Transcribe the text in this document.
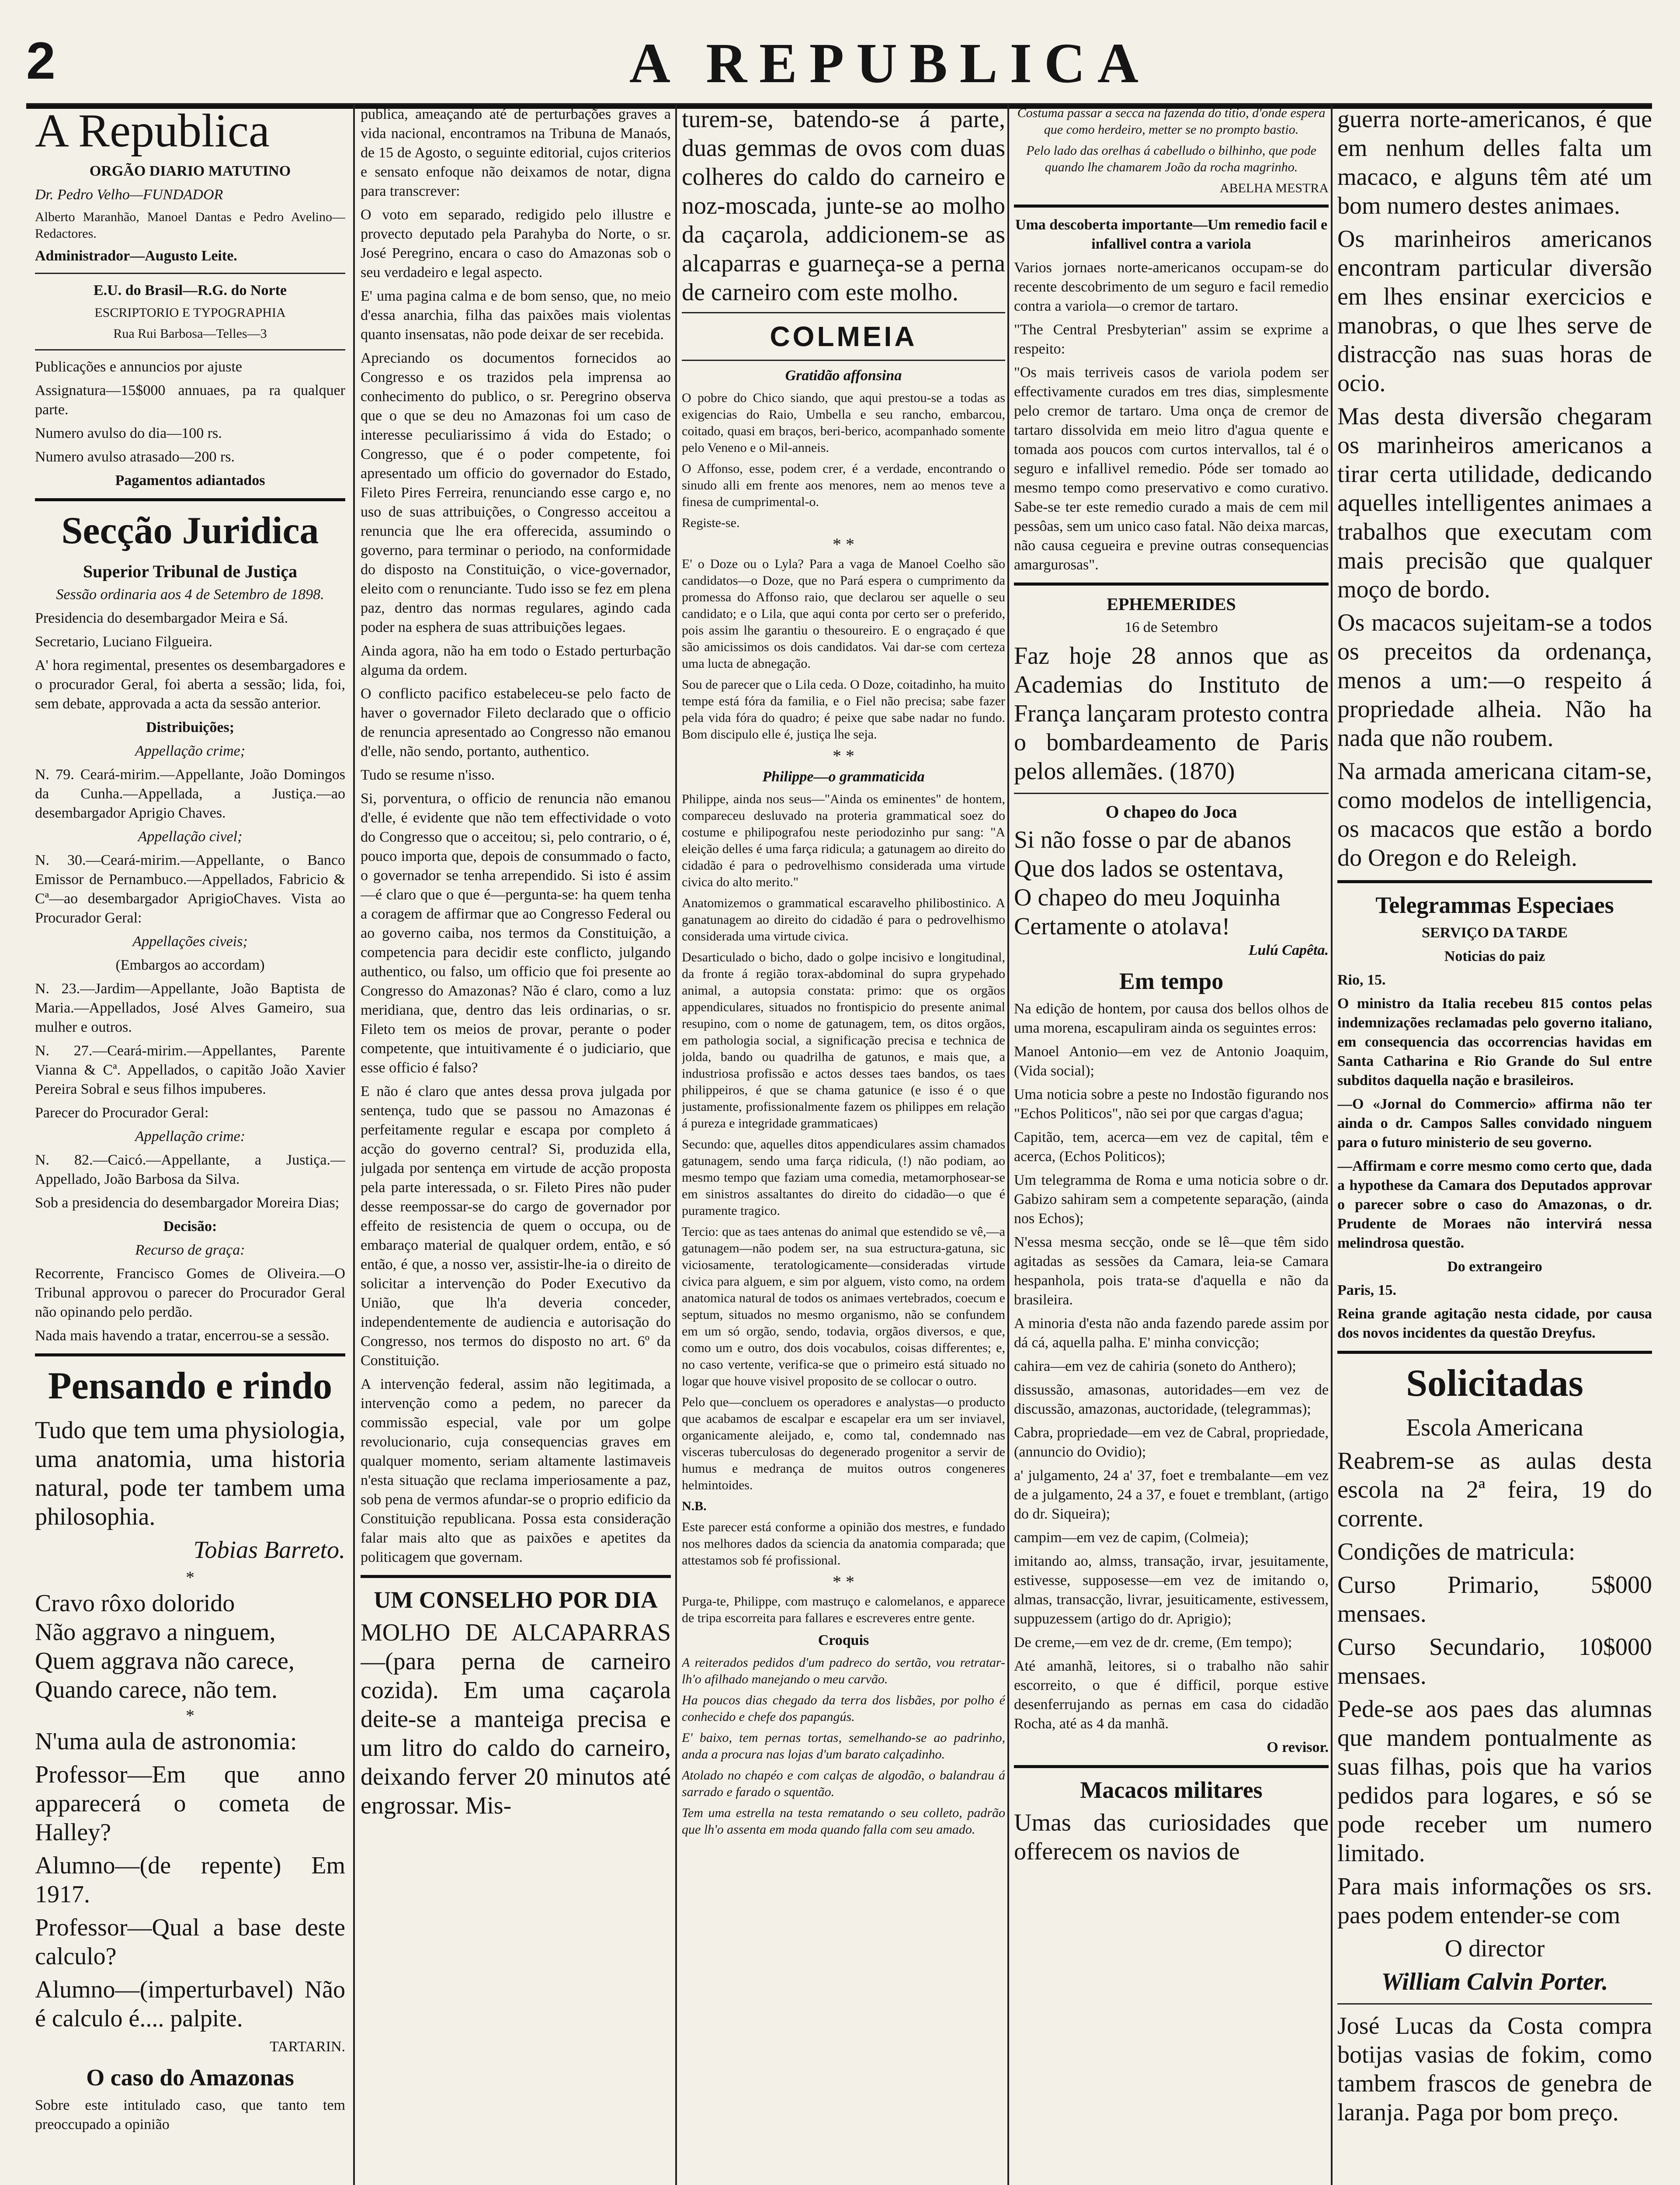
2	A REPUBLICA
A Republica

ORGÃO DIARIO MATUTINO

Dr. Pedro Velho—FUNDADOR

Alberto Maranhão, Manoel Dantas e Pedro Avelino—Redactores.

Administrador—Augusto Leite.

E.U. do Brasil—R.G. do Norte

ESCRIPTORIO E TYPOGRAPHIA

Rua Rui Barbosa—Telles—3

Publicações e annuncios por ajuste

Assignatura—15$000 annuaes, pa ra qualquer parte.

Numero avulso do dia—100 rs.

Numero avulso atrasado—200 rs.

Pagamentos adiantados

Secção Juridica
Superior Tribunal de Justiça

Sessão ordinaria aos 4 de Setembro de 1898.

Presidencia do desembargador Meira e Sá.

Secretario, Luciano Filgueira.

A' hora regimental, presentes os desembargadores e o procurador Geral, foi aberta a sessão; lida, foi, sem debate, approvada a acta da sessão anterior.

Distribuições;

Appellação crime;

N. 79. Ceará-mirim.—Appellante, João Domingos da Cunha.—Appellada, a Justiça.—ao desembargador Aprigio Chaves.

Appellação civel;

N. 30.—Ceará-mirim.—Appellante, o Banco Emissor de Pernambuco.—Appellados, Fabricio & Cª—ao desembargador AprigioChaves. Vista ao Procurador Geral:

Appellações civeis;

(Embargos ao accordam)

N. 23.—Jardim—Appellante, João Baptista de Maria.—Appellados, José Alves Gameiro, sua mulher e outros.

N. 27.—Ceará-mirim.—Appellantes, Parente Vianna & Cª. Appellados, o capitão João Xavier Pereira Sobral e seus filhos impuberes.

Parecer do Procurador Geral:

Appellação crime:

N. 82.—Caicó.—Appellante, a Justiça.—Appellado, João Barbosa da Silva.

Sob a presidencia do desembargador Moreira Dias;

Decisão:

Recurso de graça:

Recorrente, Francisco Gomes de Oliveira.—O Tribunal approvou o parecer do Procurador Geral não opinando pelo perdão.

Nada mais havendo a tratar, encerrou-se a sessão.

Pensando e rindo

Tudo que tem uma physiologia, uma anatomia, uma historia natural, pode ter tambem uma philosophia.

Tobias Barreto.

*
Cravo rôxo dolorido
Não aggravo a ninguem,
Quem aggrava não carece,
Quando carece, não tem.
*

N'uma aula de astronomia:

Professor—Em que anno apparecerá o cometa de Halley?

Alumno—(de repente) Em 1917.

Professor—Qual a base deste calculo?

Alumno—(imperturbavel) Não é calculo é.... palpite.

TARTARIN.

O caso do Amazonas

Sobre este intitulado caso, que tanto tem preoccupado a opinião

publica, ameaçando até de perturbações graves a vida nacional, encontramos na Tribuna de Manaós, de 15 de Agosto, o seguinte editorial, cujos criterios e sensato enfoque não deixamos de notar, digna para transcrever:

O voto em separado, redigido pelo illustre e provecto deputado pela Parahyba do Norte, o sr. José Peregrino, encara o caso do Amazonas sob o seu verdadeiro e legal aspecto.

E' uma pagina calma e de bom senso, que, no meio d'essa anarchia, filha das paixões mais violentas quanto insensatas, não pode deixar de ser recebida.

Apreciando os documentos fornecidos ao Congresso e os trazidos pela imprensa ao conhecimento do publico, o sr. Peregrino observa que o que se deu no Amazonas foi um caso de interesse peculiarissimo á vida do Estado; o Congresso, que é o poder competente, foi apresentado um officio do governador do Estado, Fileto Pires Ferreira, renunciando esse cargo e, no uso de suas attribuições, o Congresso acceitou a renuncia que lhe era offerecida, assumindo o governo, para terminar o periodo, na conformidade do disposto na Constituição, o vice-governador, eleito com o renunciante. Tudo isso se fez em plena paz, dentro das normas regulares, agindo cada poder na esphera de suas attribuições legaes.

Ainda agora, não ha em todo o Estado perturbação alguma da ordem.

O conflicto pacifico estabeleceu-se pelo facto de haver o governador Fileto declarado que o officio de renuncia apresentado ao Congresso não emanou d'elle, não sendo, portanto, authentico.

Tudo se resume n'isso.

Si, porventura, o officio de renuncia não emanou d'elle, é evidente que não tem effectividade o voto do Congresso que o acceitou; si, pelo contrario, o é, pouco importa que, depois de consummado o facto, o governador se tenha arrependido. Si isto é assim—é claro que o que é—pergunta-se: ha quem tenha a coragem de affirmar que ao Congresso Federal ou ao governo caiba, nos termos da Constituição, a competencia para decidir este conflicto, julgando authentico, ou falso, um officio que foi presente ao Congresso do Amazonas? Não é claro, como a luz meridiana, que, dentro das leis ordinarias, o sr. Fileto tem os meios de provar, perante o poder competente, que intuitivamente é o judiciario, que esse officio é falso?

E não é claro que antes dessa prova julgada por sentença, tudo que se passou no Amazonas é perfeitamente regular e escapa por completo á acção do governo central? Si, produzida ella, julgada por sentença em virtude de acção proposta pela parte interessada, o sr. Fileto Pires não puder desse reempossar-se do cargo de governador por effeito de resistencia de quem o occupa, ou de embaraço material de qualquer ordem, então, e só então, é que, a nosso ver, assistir-lhe-ia o direito de solicitar a intervenção do Poder Executivo da União, que lh'a deveria conceder, independentemente de audiencia e autorisação do Congresso, nos termos do disposto no art. 6º da Constituição.

A intervenção federal, assim não legitimada, a intervenção como a pedem, no parecer da commissão especial, vale por um golpe revolucionario, cuja consequencias graves em qualquer momento, seriam altamente lastimaveis n'esta situação que reclama imperiosamente a paz, sob pena de vermos afundar-se o proprio edificio da Constituição republicana. Possa esta consideração falar mais alto que as paixões e apetites da politicagem que governam.

UM CONSELHO POR DIA

MOLHO DE ALCAPARRAS—(para perna de carneiro cozida). Em uma caçarola deite-se a manteiga precisa e um litro do caldo do carneiro, deixando ferver 20 minutos até engrossar. Mis-

turem-se, batendo-se á parte, duas gemmas de ovos com duas colheres do caldo do carneiro e noz-moscada, junte-se ao molho da caçarola, addicionem-se as alcaparras e guarneça-se a perna de carneiro com este molho.

COLMEIA

Gratidão affonsina

O pobre do Chico siando, que aqui prestou-se a todas as exigencias do Raio, Umbella e seu rancho, embarcou, coitado, quasi em braços, beri-berico, acompanhado somente pelo Veneno e o Mil-anneis.

O Affonso, esse, podem crer, é a verdade, encontrando o sinudo alli em frente aos menores, nem ao menos teve a finesa de cumprimental-o.

Registe-se.

* *

E' o Doze ou o Lyla? Para a vaga de Manoel Coelho são candidatos—o Doze, que no Pará espera o cumprimento da promessa do Affonso raio, que declarou ser aquelle o seu candidato; e o Lila, que aqui conta por certo ser o preferido, pois assim lhe garantiu o thesoureiro. E o engraçado é que são amicissimos os dois candidatos. Vai dar-se com certeza uma lucta de abnegação.

Sou de parecer que o Lila ceda. O Doze, coitadinho, ha muito tempe está fóra da familia, e o Fiel não precisa; sabe fazer pela vida fóra do quadro; é peixe que sabe nadar no fundo. Bom discipulo elle é, justiça lhe seja.

* *

Philippe—o grammaticida

Philippe, ainda nos seus—"Ainda os eminentes" de hontem, compareceu desluvado na proteria grammatical soez do costume e philipografou neste periodozinho pur sang: "A eleição delles é uma farça ridicula; a gatunagem ao direito do cidadão é para o pedrovelhismo considerada uma virtude civica do alto merito."

Anatomizemos o grammatical escaravelho philibostinico. A ganatunagem ao direito do cidadão é para o pedrovelhismo considerada uma virtude civica.

Desarticulado o bicho, dado o golpe incisivo e longitudinal, da fronte á região torax-abdominal do supra grypehado animal, a autopsia constata: primo: que os orgãos appendiculares, situados no frontispicio do presente animal resupino, com o nome de gatunagem, tem, os ditos orgãos, em pathologia social, a significação precisa e technica de jolda, bando ou quadrilha de gatunos, e mais que, a industriosa profissão e actos desses taes bandos, os taes philippeiros, é que se chama gatunice (e isso é o que justamente, profissionalmente fazem os philippes em relação á pureza e integridade grammaticaes)

Secundo: que, aquelles ditos appendiculares assim chamados gatunagem, sendo uma farça ridicula, (!) não podiam, ao mesmo tempo que faziam uma comedia, metamorphosear-se em sinistros assaltantes do direito do cidadão—o que é puramente tragico.

Tercio: que as taes antenas do animal que estendido se vê,—a gatunagem—não podem ser, na sua estructura-gatuna, sic viciosamente, teratologicamente—consideradas virtude civica para alguem, e sim por alguem, visto como, na ordem anatomica natural de todos os animaes vertebrados, coecum e septum, situados no mesmo organismo, não se confundem em um só orgão, sendo, todavia, orgãos diversos, e que, como um e outro, dos dois vocabulos, coisas differentes; e, no caso vertente, verifica-se que o primeiro está situado no logar que houve visivel proposito de se collocar o outro.

Pelo que—concluem os operadores e analystas—o producto que acabamos de escalpar e escapelar era um ser inviavel, organicamente aleijado, e, como tal, condemnado nas visceras tuberculosas do degenerado progenitor a servir de humus e medrança de muitos outros congeneres helmintoides.

N.B.

Este parecer está conforme a opinião dos mestres, e fundado nos melhores dados da sciencia da anatomia comparada; que attestamos sob fé profissional.

* *

Purga-te, Philippe, com mastruço e calomelanos, e apparece de tripa escorreita para fallares e escreveres entre gente.

Croquis

A reiterados pedidos d'um padreco do sertão, vou retratar-lh'o afilhado manejando o meu carvão.

Ha poucos dias chegado da terra dos lisbães, por polho é conhecido e chefe dos papangús.

E' baixo, tem pernas tortas, semelhando-se ao padrinho, anda a procura nas lojas d'um barato calçadinho.

Atolado no chapéo e com calças de algodão, o balandrau á sarrado e farado o squentão.

Tem uma estrella na testa rematando o seu colleto, padrão que lh'o assenta em moda quando falla com seu amado.

Costuma passar a secca na fazenda do titio, d'onde espera que como herdeiro, metter se no prompto bastio.

Pelo lado das orelhas á cabelludo o bilhinho, que pode quando lhe chamarem João da rocha magrinho.

ABELHA MESTRA

Uma descoberta importante—Um remedio facil e infallivel contra a variola

Varios jornaes norte-americanos occupam-se do recente descobrimento de um seguro e facil remedio contra a variola—o cremor de tartaro.

"The Central Presbyterian" assim se exprime a respeito:

"Os mais terriveis casos de variola podem ser effectivamente curados em tres dias, simplesmente pelo cremor de tartaro. Uma onça de cremor de tartaro dissolvida em meio litro d'agua quente e tomada aos poucos com curtos intervallos, tal é o seguro e infallivel remedio. Póde ser tomado ao mesmo tempo como preservativo e como curativo. Sabe-se ter este remedio curado a mais de cem mil pessôas, sem um unico caso fatal. Não deixa marcas, não causa cegueira e previne outras consequencias amargurosas".

EPHEMERIDES

16 de Setembro

Faz hoje 28 annos que as Academias do Instituto de França lançaram protesto contra o bombardeamento de Paris pelos allemães. (1870)

O chapeo do Joca
Si não fosse o par de abanos
Que dos lados se ostentava,
O chapeo do meu Joquinha
Certamente o atolava!

Lulú Capêta.

Em tempo

Na edição de hontem, por causa dos bellos olhos de uma morena, escapuliram ainda os seguintes erros:

Manoel Antonio—em vez de Antonio Joaquim, (Vida social);

Uma noticia sobre a peste no Indostão figurando nos "Echos Politicos", não sei por que cargas d'agua;

Capitão, tem, acerca—em vez de capital, têm e acerca, (Echos Politicos);

Um telegramma de Roma e uma noticia sobre o dr. Gabizo sahiram sem a competente separação, (ainda nos Echos);

N'essa mesma secção, onde se lê—que têm sido agitadas as sessões da Camara, leia-se Camara hespanhola, pois trata-se d'aquella e não da brasileira.

A minoria d'esta não anda fazendo parede assim por dá cá, aquella palha. E' minha convicção;

cahira—em vez de cahiria (soneto do Anthero);

dissussão, amasonas, autoridades—em vez de discussão, amazonas, auctoridade, (telegrammas);

Cabra, propriedade—em vez de Cabral, propriedade, (annuncio do Ovidio);

a' julgamento, 24 a' 37, foet e trembalante—em vez de a julgamento, 24 a 37, e fouet e tremblant, (artigo do dr. Siqueira);

campim—em vez de capim, (Colmeia);

imitando ao, almss, transação, irvar, jesuitamente, estivesse, supposesse—em vez de imitando o, almas, transacção, livrar, jesuiticamente, estivessem, suppuzessem (artigo do dr. Aprigio);

De creme,—em vez de dr. creme, (Em tempo);

Até amanhã, leitores, si o trabalho não sahir escorreito, o que é difficil, porque estive desenferrujando as pernas em casa do cidadão Rocha, até as 4 da manhã.

O revisor.

Macacos militares

Umas das curiosidades que offerecem os navios de

guerra norte-americanos, é que em nenhum delles falta um macaco, e alguns têm até um bom numero destes animaes.

Os marinheiros americanos encontram particular diversão em lhes ensinar exercicios e manobras, o que lhes serve de distracção nas suas horas de ocio.

Mas desta diversão chegaram os marinheiros americanos a tirar certa utilidade, dedicando aquelles intelligentes animaes a trabalhos que executam com mais precisão que qualquer moço de bordo.

Os macacos sujeitam-se a todos os preceitos da ordenança, menos a um:—o respeito á propriedade alheia. Não ha nada que não roubem.

Na armada americana citam-se, como modelos de intelligencia, os macacos que estão a bordo do Oregon e do Releigh.

Telegrammas Especiaes

SERVIÇO DA TARDE

Noticias do paiz

Rio, 15.

O ministro da Italia recebeu 815 contos pelas indemnizações reclamadas pelo governo italiano, em consequencia das occorrencias havidas em Santa Catharina e Rio Grande do Sul entre subditos daquella nação e brasileiros.

—O «Jornal do Commercio» affirma não ter ainda o dr. Campos Salles convidado ninguem para o futuro ministerio de seu governo.

—Affirmam e corre mesmo como certo que, dada a hypothese da Camara dos Deputados approvar o parecer sobre o caso do Amazonas, o dr. Prudente de Moraes não intervirá nessa melindrosa questão.

Do extrangeiro

Paris, 15.

Reina grande agitação nesta cidade, por causa dos novos incidentes da questão Dreyfus.

Solicitadas

Escola Americana

Reabrem-se as aulas desta escola na 2ª feira, 19 do corrente.

Condições de matricula:

Curso Primario, 5$000 mensaes.

Curso Secundario, 10$000 mensaes.

Pede-se aos paes das alumnas que mandem pontualmente as suas filhas, pois que ha varios pedidos para logares, e só se pode receber um numero limitado.

Para mais informações os srs. paes podem entender-se com

O director

William Calvin Porter.

José Lucas da Costa compra botijas vasias de fokim, como tambem frascos de genebra de laranja. Paga por bom preço.
